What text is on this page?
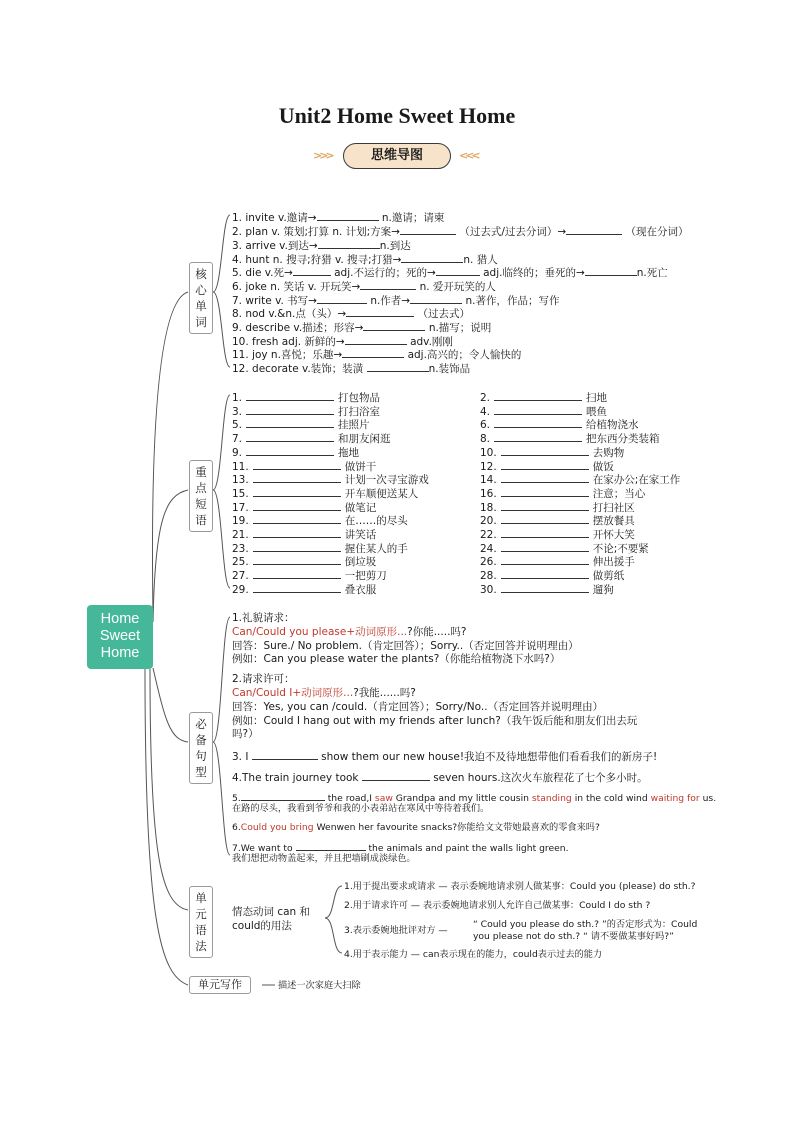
Unit2 Home Sweet Home
>>>	思维导图	<<<
Home
Sweet
Home
核
心
单
词
重
点
短
语
必
备
句
型
单
元
语
法
单元写作
1. invite v.邀请→	n.邀请；请柬
2. plan v. 策划;打算 n. 计划;方案→	（过去式/过去分词）→	（现在分词）
3. arrive v.到达→	n.到达
4. hunt n. 搜寻;狩猎 v. 搜寻;打猎→	n. 猎人
5. die v.死→	adj.不运行的；死的→	adj.临终的；垂死的→	n.死亡
6. joke n. 笑话 v. 开玩笑→	n. 爱开玩笑的人
7. write v. 书写→	n.作者→	n.著作，作品；写作
8. nod v.&n.点（头）→	（过去式）
9. describe v.描述；形容→	n.描写；说明
10. fresh adj. 新鲜的→	adv.刚刚
11. joy n.喜悦；乐趣→	adj.高兴的；令人愉快的
12. decorate v.装饰；装潢	n.装饰品
1.	打包物品	2.	扫地
3.	打扫浴室	4.	喂鱼
5.	挂照片	6.	给植物浇水
7.	和朋友闲逛	8.	把东西分类装箱
9.	拖地	10.	去购物
11.	做饼干	12.	做饭
13.	计划一次寻宝游戏	14.	在家办公;在家工作
15.	开车顺便送某人	16.	注意；当心
17.	做笔记	18.	打扫社区
19.	在……的尽头	20.	摆放餐具
21.	讲笑话	22.	开怀大笑
23.	握住某人的手	24.	不论;不要紧
25.	倒垃圾	26.	伸出援手
27.	一把剪刀	28.	做剪纸
29.	叠衣服	30.	遛狗
1.礼貌请求：
Can/Could you please+动词原形...?你能.....吗?
回答：Sure./ No problem.（肯定回答）；Sorry..（否定回答并说明理由）
例如：Can you please water the plants?（你能给植物浇下水吗?）
2.请求许可：
Can/Could I+动词原形...?我能......吗?
回答：Yes, you can /could.（肯定回答）；Sorry/No..（否定回答并说明理由）
例如：Could I hang out with my friends after lunch?（我午饭后能和朋友们出去玩
吗?）
3. I	show them our new house!我迫不及待地想带他们看看我们的新房子!
4.The train journey took	seven hours.这次火车旅程花了七个多小时。
5.	the road,I saw Grandpa and my little cousin standing in the cold wind waiting for us.
在路的尽头，我看到爷爷和我的小表弟站在寒风中等待着我们。
6.Could you bring Wenwen her favourite snacks?你能给文文带她最喜欢的零食来吗?
7.We want to	the animals and paint the walls light green.
我们想把动物盖起来，并且把墙刷成淡绿色。
情态动词 can 和
could的用法
1.用于提出要求或请求 — 表示委婉地请求别人做某事：Could you (please) do sth.?
2.用于请求许可 — 表示委婉地请求别人允许自己做某事：Could I do sth ?
3.表示委婉地批评对方 —
“ Could you please do sth.? ”的否定形式为：Could
you please not do sth.? “ 请不要做某事好吗?”
4.用于表示能力 — can表示现在的能力，could表示过去的能力
描述一次家庭大扫除
